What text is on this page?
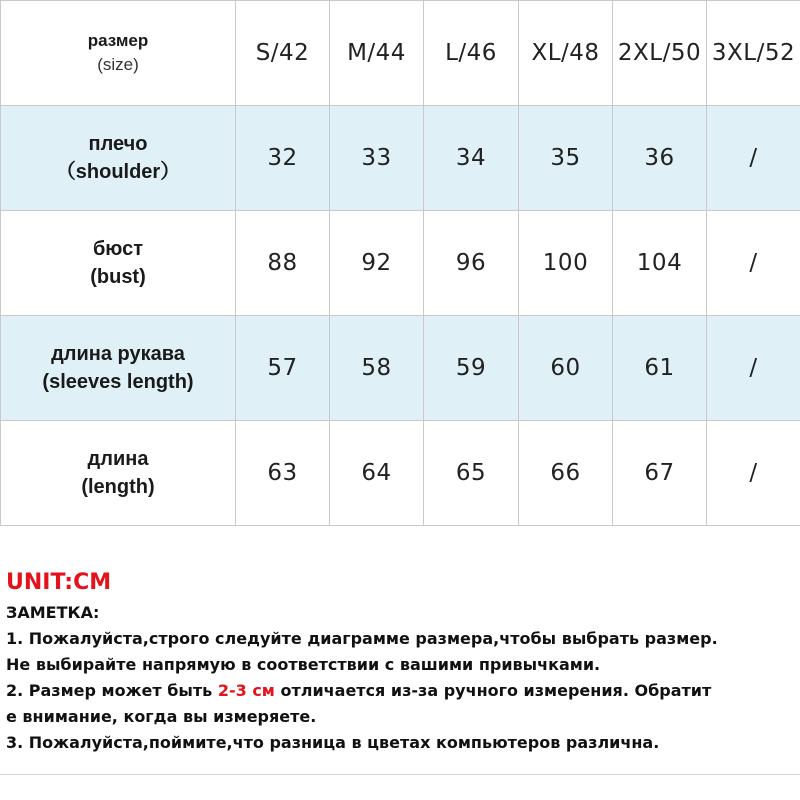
размер
(size)	S/42	M/44	L/46	XL/48	2XL/50	3XL/52

плечо
（shoulder）	32	33	34	35	36	/

бюст
(bust)	88	92	96	100	104	/

длина рукава
(sleeves length)	57	58	59	60	61	/

длина
(length)	63	64	65	66	67	/
UNIT:CM
ЗАМЕТКА:
1. Пожалуйста,строго следуйте диаграмме размера,чтобы выбрать размер.
Не выбирайте напрямую в соответствии с вашими привычками.
2. Размер может быть 2-3 см отличается из-за ручного измерения. Обратит
е внимание, когда вы измеряете.
3. Пожалуйста,поймите,что разница в цветах компьютеров различна.
